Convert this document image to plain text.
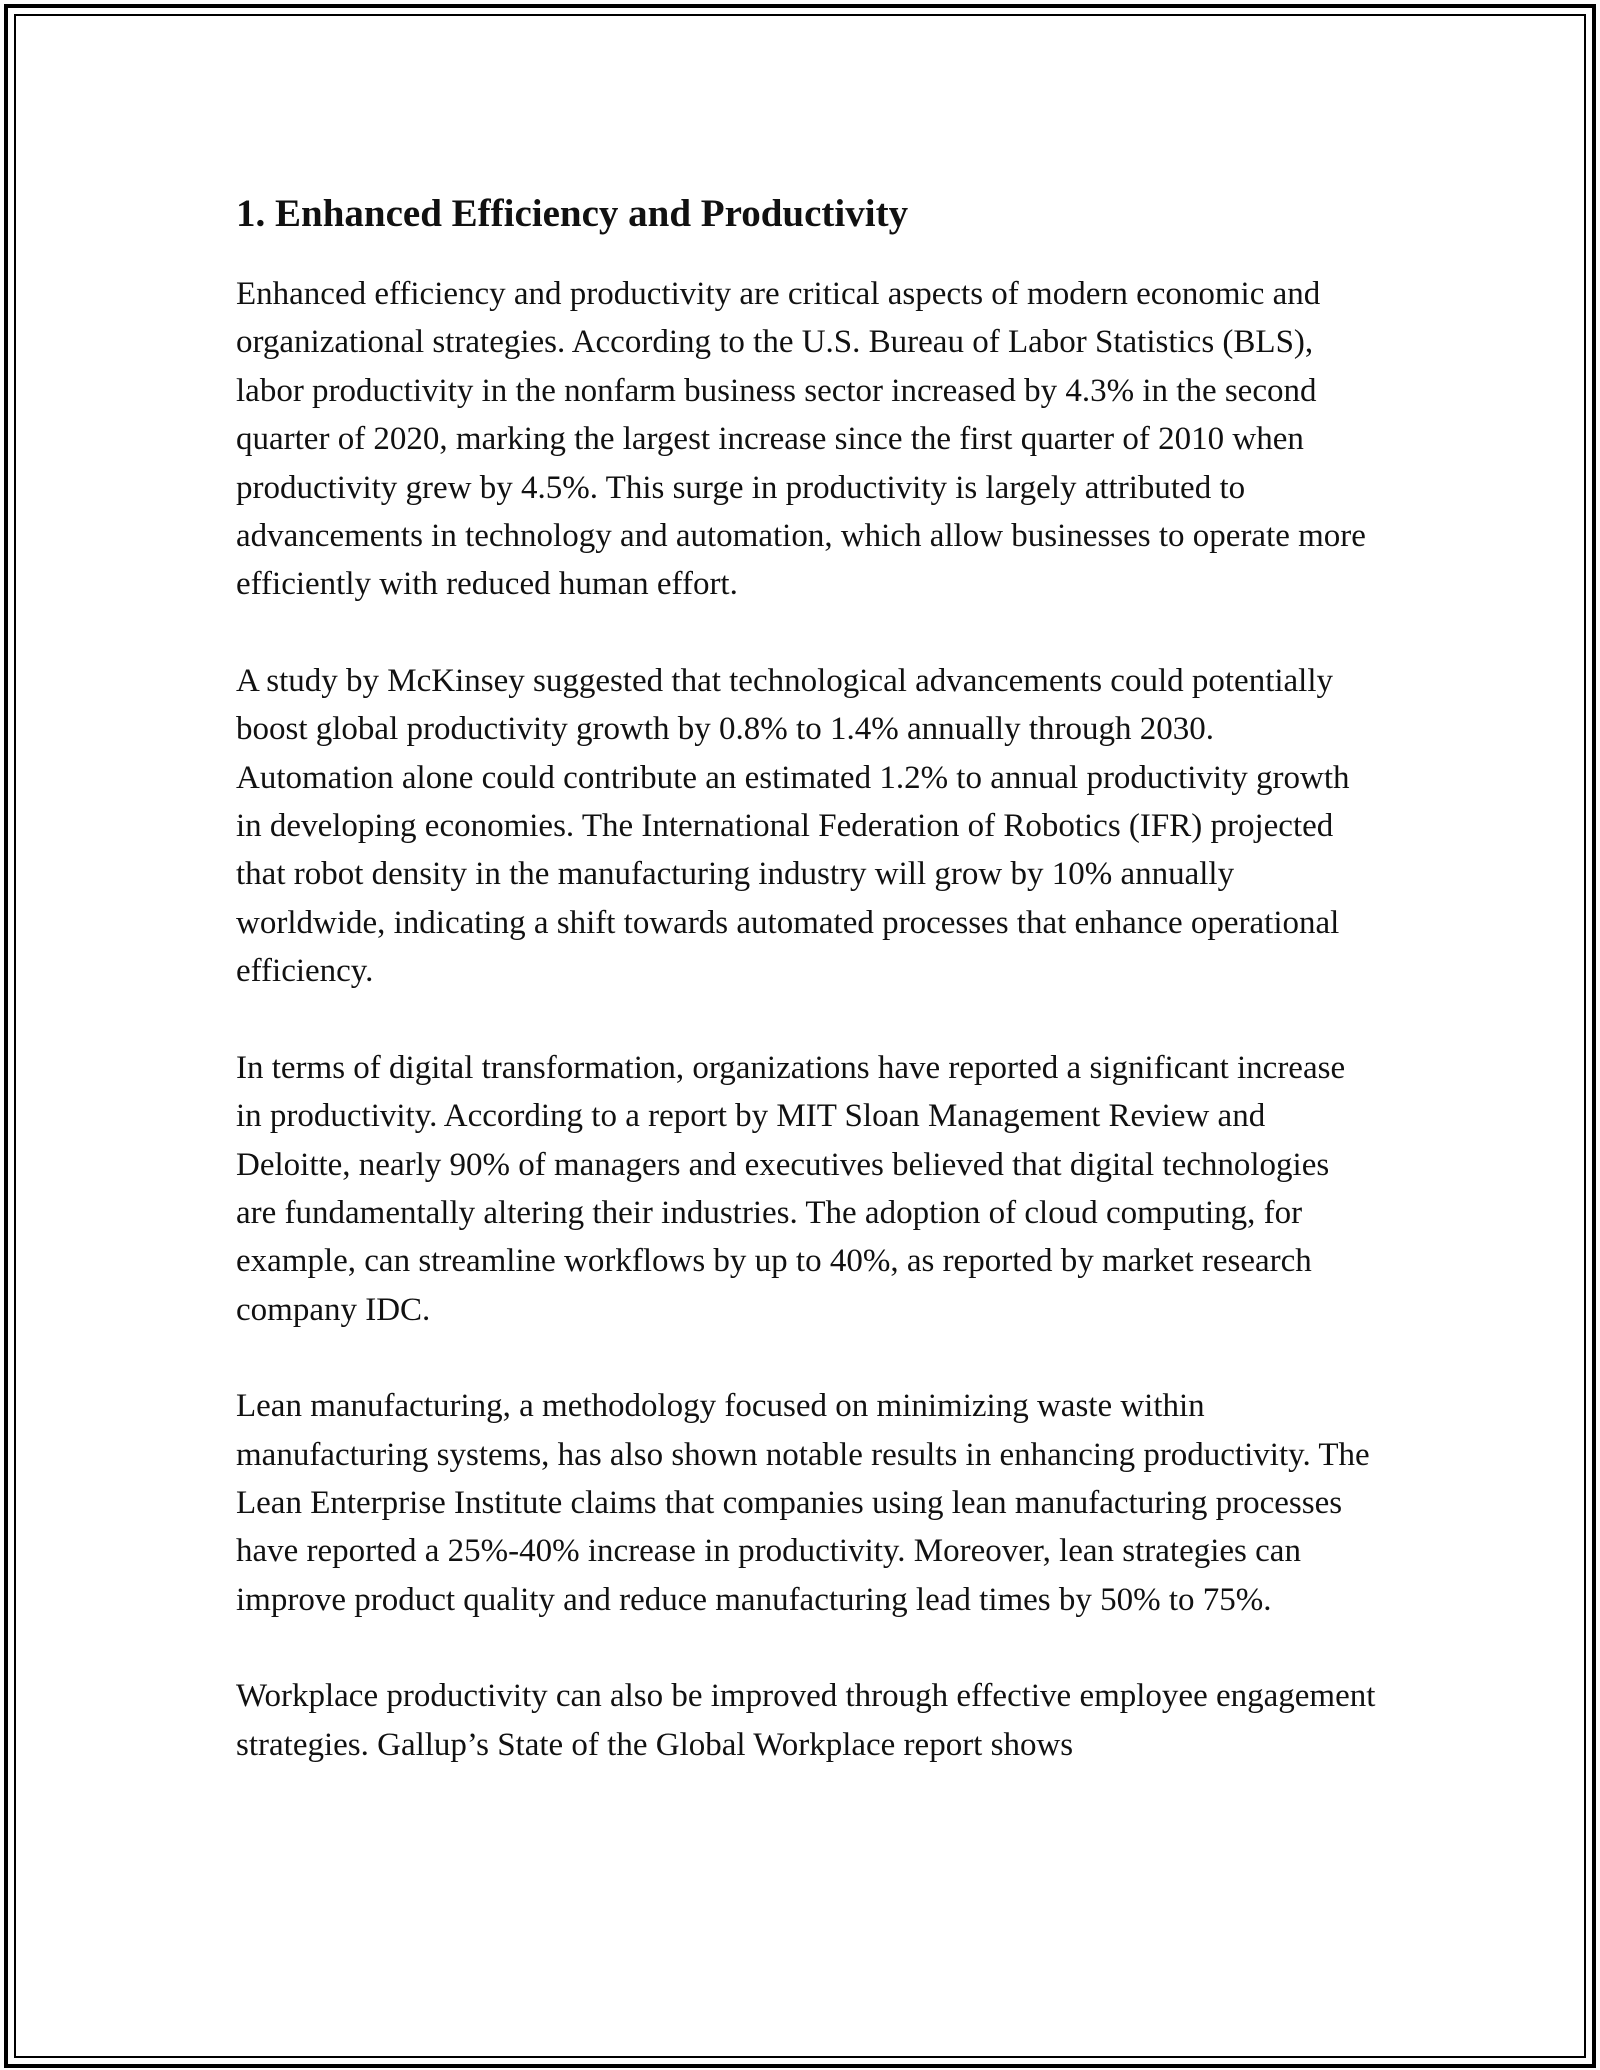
1. Enhanced Efficiency and Productivity

Enhanced efficiency and productivity are critical aspects of modern economic and organizational strategies. According to the U.S. Bureau of Labor Statistics (BLS), labor productivity in the nonfarm business sector increased by 4.3% in the second quarter of 2020, marking the largest increase since the first quarter of 2010 when productivity grew by 4.5%. This surge in productivity is largely attributed to advancements in technology and automation, which allow businesses to operate more efficiently with reduced human effort.

A study by McKinsey suggested that technological advancements could potentially boost global productivity growth by 0.8% to 1.4% annually through 2030. Automation alone could contribute an estimated 1.2% to annual productivity growth in developing economies. The International Federation of Robotics (IFR) projected that robot density in the manufacturing industry will grow by 10% annually worldwide, indicating a shift towards automated processes that enhance operational efficiency.

In terms of digital transformation, organizations have reported a significant increase in productivity. According to a report by MIT Sloan Management Review and Deloitte, nearly 90% of managers and executives believed that digital technologies are fundamentally altering their industries. The adoption of cloud computing, for example, can streamline workflows by up to 40%, as reported by market research company IDC.

Lean manufacturing, a methodology focused on minimizing waste within manufacturing systems, has also shown notable results in enhancing productivity. The Lean Enterprise Institute claims that companies using lean manufacturing processes have reported a 25%-40% increase in productivity. Moreover, lean strategies can improve product quality and reduce manufacturing lead times by 50% to 75%.

Workplace productivity can also be improved through effective employee engagement strategies. Gallup’s State of the Global Workplace report shows
